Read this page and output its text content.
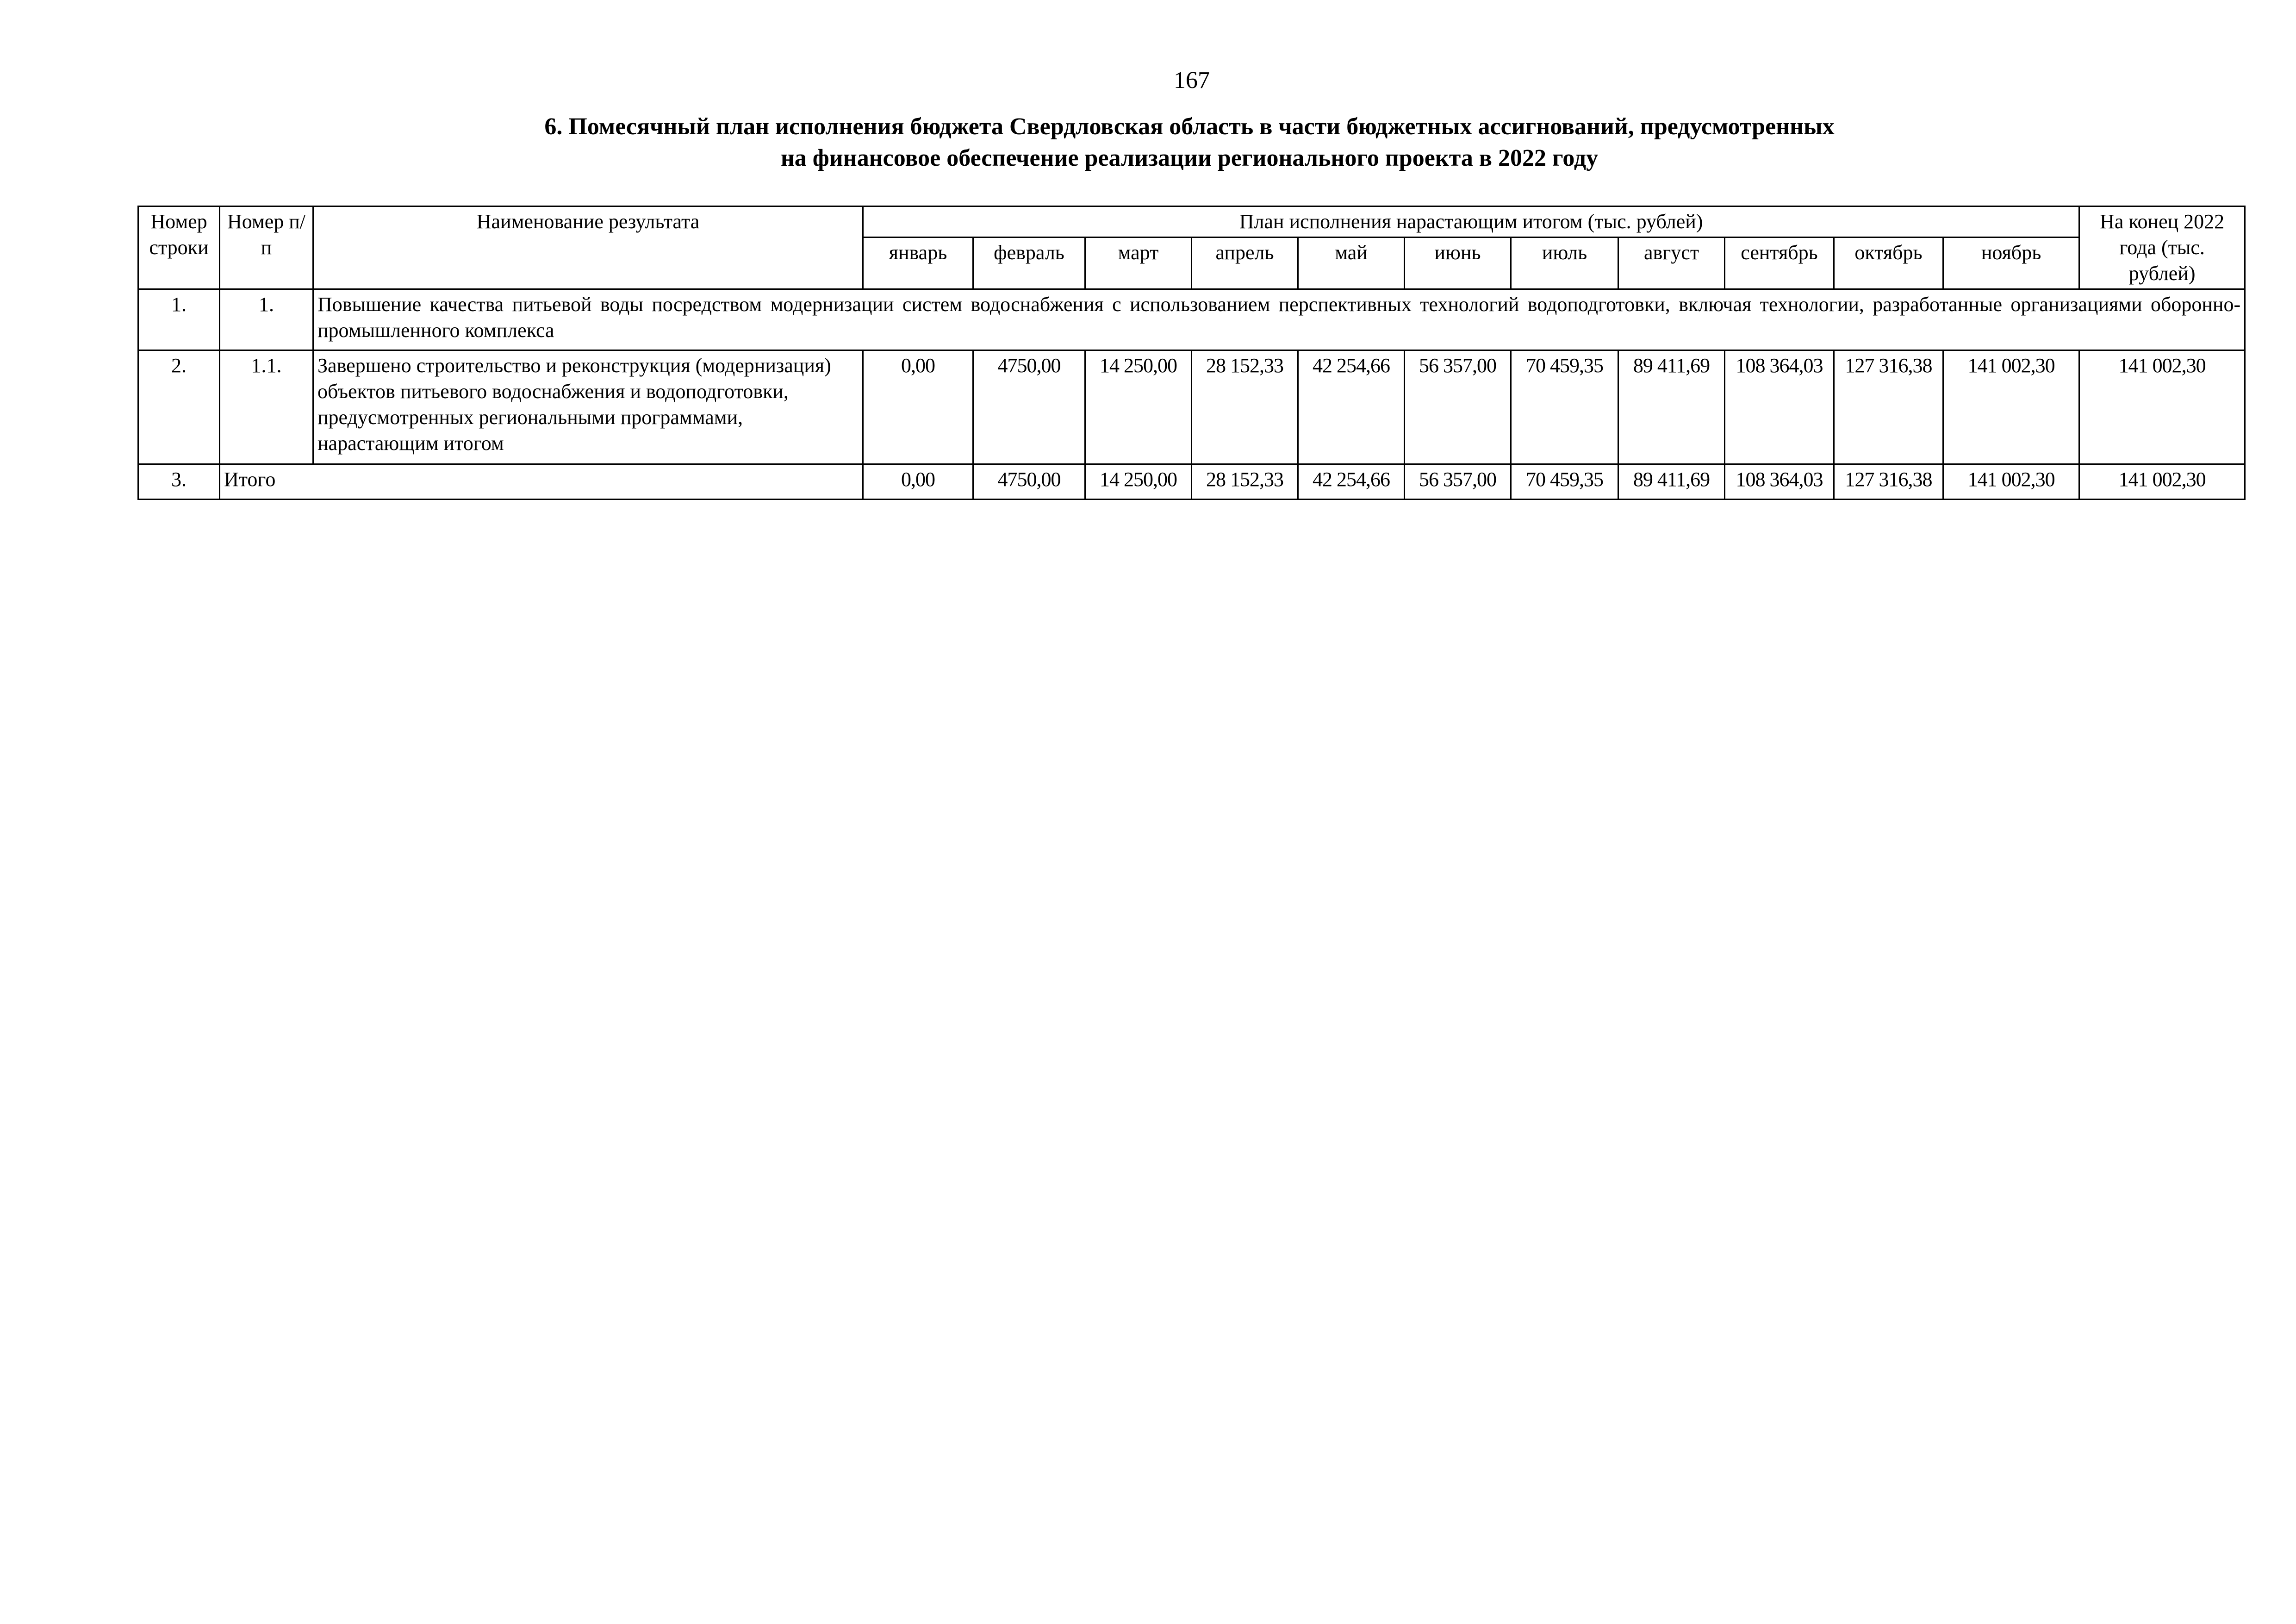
167
6. Помесячный план исполнения бюджета Свердловская область в части бюджетных ассигнований, предусмотренных
на финансовое обеспечение реализации регионального проекта в 2022 году
Номер строки	Номер п/п	Наименование результата	План исполнения нарастающим итогом (тыс. рублей)											На конец 2022 года (тыс. рублей)
			январь	февраль	март	апрель	май	июнь	июль	август	сентябрь	октябрь	ноябрь	
1.	1.	Повышение качества питьевой воды посредством модернизации систем водоснабжения с использованием перспективных технологий водоподготовки, включая технологии, разработанные организациями оборонно-промышленного комплекса												
2.	1.1.	Завершено строительство и реконструкция (модернизация) объектов питьевого водоснабжения и водоподготовки, предусмотренных региональными программами, нарастающим итогом	0,00	4750,00	14 250,00	28 152,33	42 254,66	56 357,00	70 459,35	89 411,69	108 364,03	127 316,38	141 002,30	141 002,30
3.	Итого		0,00	4750,00	14 250,00	28 152,33	42 254,66	56 357,00	70 459,35	89 411,69	108 364,03	127 316,38	141 002,30	141 002,30
